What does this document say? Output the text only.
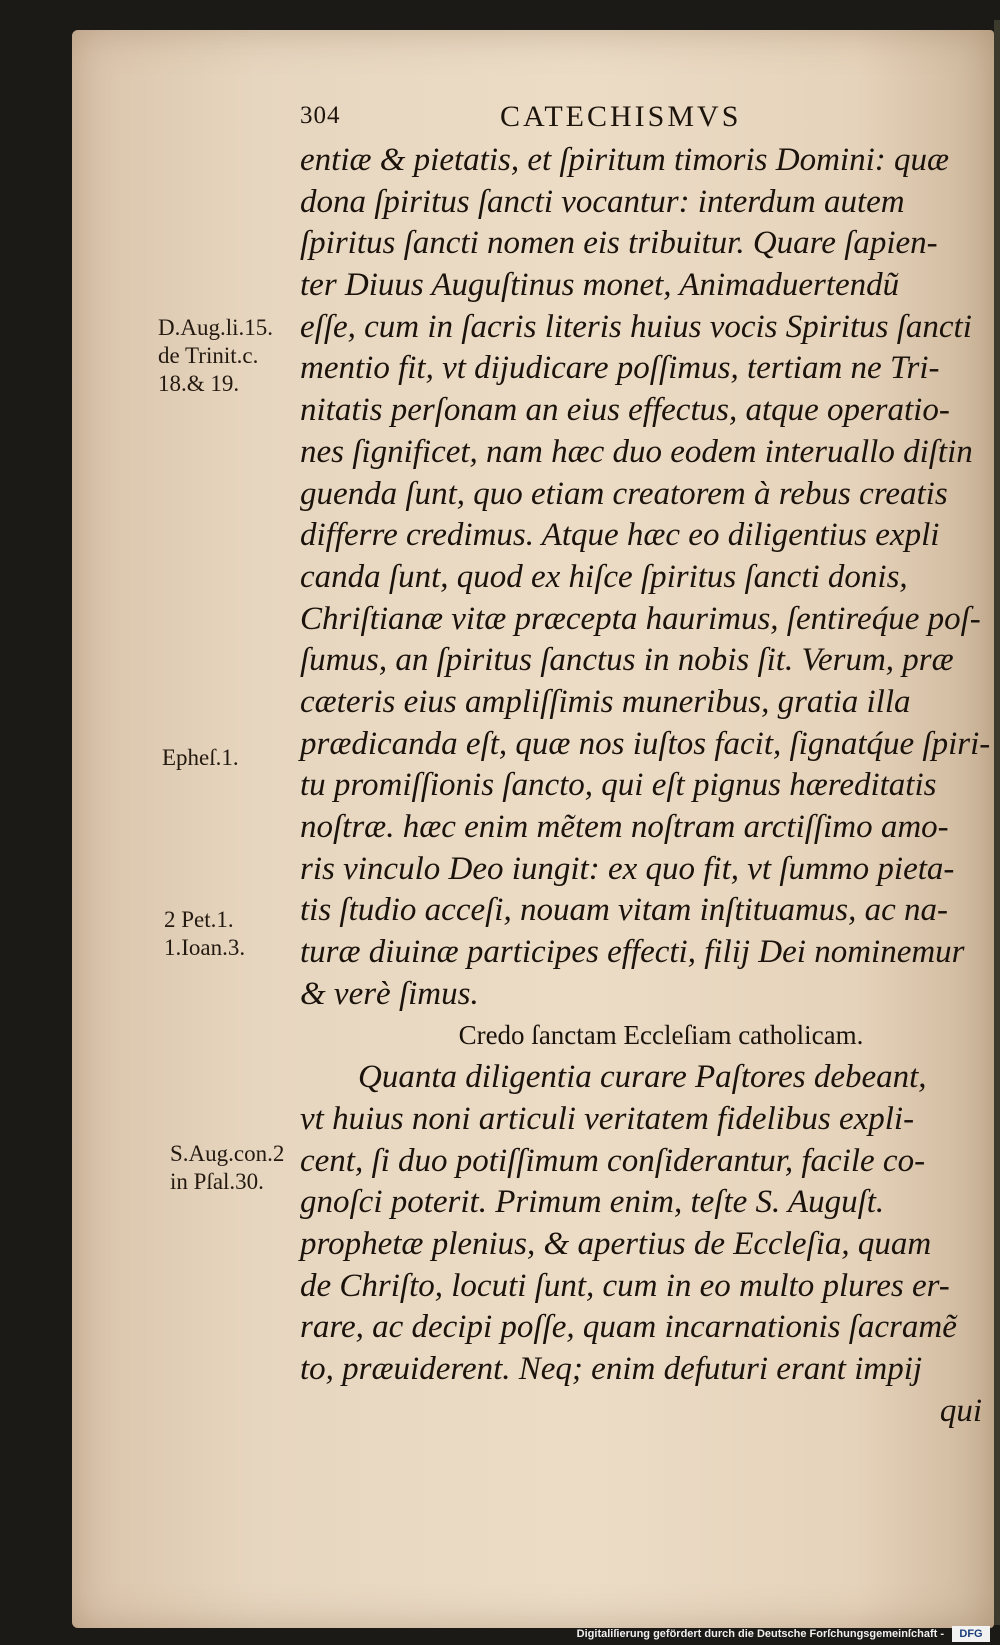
304	CATECHISMVS
entiæ & pietatis, et ſpiritum timoris Domini: quæ
dona ſpiritus ſancti vocantur: interdum autem
ſpiritus ſancti nomen eis tribuitur. Quare ſapien-
ter Diuus Auguſtinus monet, Animaduertendũ
eſſe, cum in ſacris literis huius vocis Spiritus ſancti
mentio fit, vt dijudicare poſſimus, tertiam ne Tri-
nitatis perſonam an eius effectus, atque operatio-
nes ſignificet, nam hæc duo eodem interuallo diſtin
guenda ſunt, quo etiam creatorem à rebus creatis
differre credimus. Atque hæc eo diligentius expli
canda ſunt, quod ex hiſce ſpiritus ſancti donis,
Chriſtianæ vitæ præcepta haurimus, ſentireq́ue poſ-
ſumus, an ſpiritus ſanctus in nobis ſit. Verum, præ
cæteris eius ampliſſimis muneribus, gratia illa
prædicanda eſt, quæ nos iuſtos facit, ſignatq́ue ſpiri-
tu promiſſionis ſancto, qui eſt pignus hæreditatis
noſtræ. hæc enim mẽtem noſtram arctiſſimo amo-
ris vinculo Deo iungit: ex quo fit, vt ſummo pieta-
tis ſtudio acceſi, nouam vitam inſtituamus, ac na-
turæ diuinæ participes effecti, filij Dei nominemur
& verè ſimus.
Credo ſanctam Eccleſiam catholicam.
Quanta diligentia curare Paſtores debeant,
vt huius noni articuli veritatem fidelibus expli-
cent, ſi duo potiſſimum conſiderantur, facile co-
gnoſci poterit. Primum enim, teſte S. Auguſt.
prophetæ plenius, & apertius de Eccleſia, quam
de Chriſto, locuti ſunt, cum in eo multo plures er-
rare, ac decipi poſſe, quam incarnationis ſacramẽ
to, præuiderent. Neq; enim defuturi erant impij
qui
D.Aug.li.15.
de Trinit.c.
18.& 19.
Epheſ.1.
2 Pet.1.
1.Ioan.3.
S.Aug.con.2
in Pſal.30.
Digitaliſierung gefördert durch die Deutsche Forſchungsgemeinſchaft -	DFG
